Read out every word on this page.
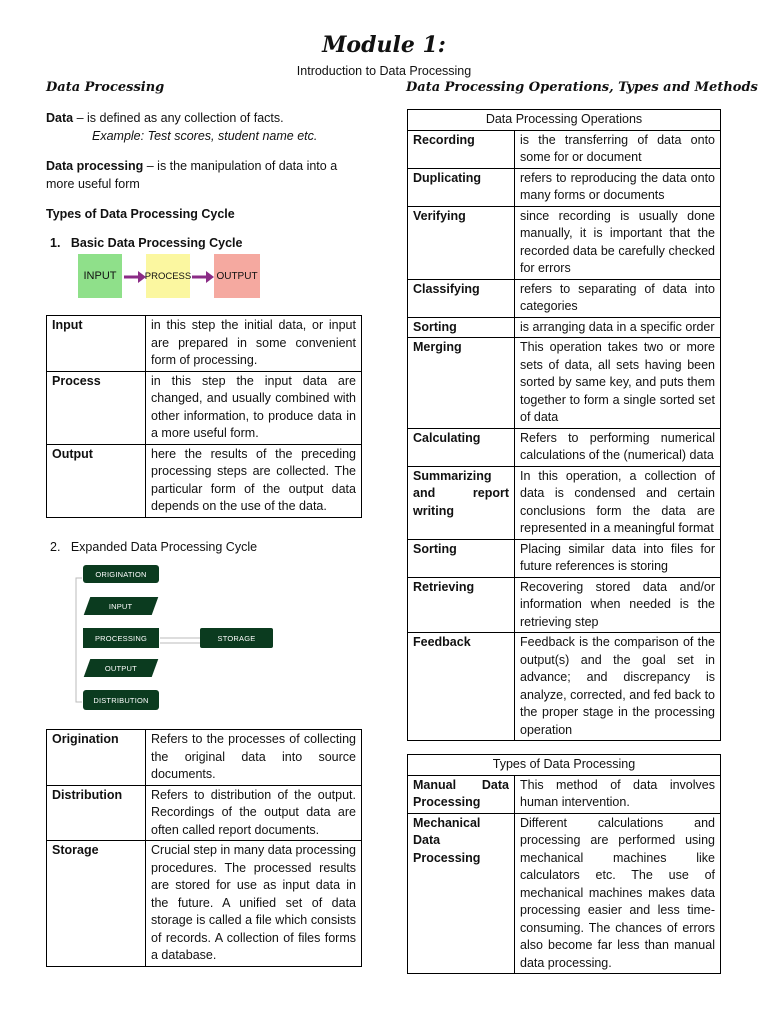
Module 1:
Introduction to Data Processing
Data Processing
Data – is defined as any collection of facts.
Example: Test scores, student name etc.
Data processing – is the manipulation of data into a more useful form
Types of Data Processing Cycle
1.   Basic Data Processing Cycle
INPUT	PROCESS	OUTPUT
Input	in this step the initial data, or input are prepared in some convenient form of processing.
Process	in this step the input data are changed, and usually combined with other information, to produce data in a more useful form.
Output	here the results of the preceding processing steps are collected. The particular form of the output data depends on the use of the data.
2.   Expanded Data Processing Cycle
ORIGINATION
INPUT
PROCESSING	STORAGE
OUTPUT
DISTRIBUTION
Origination	Refers to the processes of collecting the original data into source documents.
Distribution	Refers to distribution of the output. Recordings of the output data are often called report documents.
Storage	Crucial step in many data processing procedures. The processed results are stored for use as input data in the future. A unified set of data storage is called a file which consists of records. A collection of files forms a database.
Data Processing Operations, Types and Methods
Data Processing Operations	
Recording	is the transferring of data onto some for or document
Duplicating	refers to reproducing the data onto many forms or documents
Verifying	since recording is usually done manually, it is important that the recorded data be carefully checked for errors
Classifying	refers to separating of data into categories
Sorting	is arranging data in a specific order
Merging	This operation takes two or more sets of data, all sets having been sorted by same key, and puts them together to form a single sorted set of data
Calculating	Refers to performing numerical calculations of the (numerical) data
Summarizing and report writing	In this operation, a collection of data is condensed and certain conclusions form the data are represented in a meaningful format
Sorting	Placing similar data into files for future references is storing
Retrieving	Recovering stored data and/or information when needed is the retrieving step
Feedback	Feedback is the comparison of the output(s) and the goal set in advance; and discrepancy is analyze, corrected, and fed back to the proper stage in the processing operation
Types of Data Processing	
Manual Data Processing	This method of data involves human intervention.
Mechanical Data Processing	Different calculations and processing are performed using mechanical machines like calculators etc. The use of mechanical machines makes data processing easier and less time-consuming. The chances of errors also become far less than manual data processing.
